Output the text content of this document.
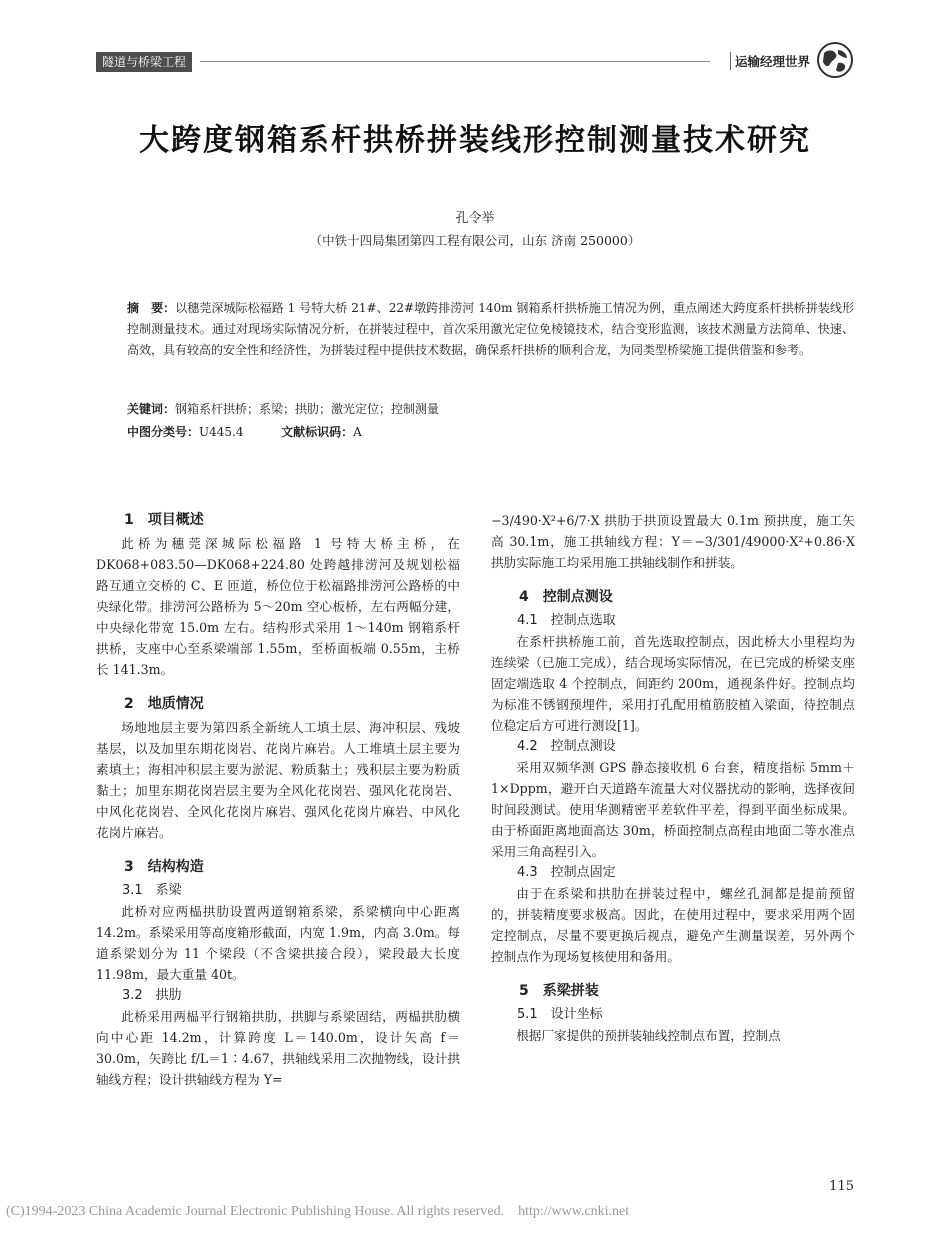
隧道与桥梁工程	运输经理世界
大跨度钢箱系杆拱桥拼装线形控制测量技术研究
孔令举
（中铁十四局集团第四工程有限公司，山东 济南 250000）
摘　要：以穗莞深城际松福路 1 号特大桥 21#、22#墩跨排涝河 140m 钢箱系杆拱桥施工情况为例，重点阐述大跨度系杆拱桥拼装线形控制测量技术。通过对现场实际情况分析，在拼装过程中，首次采用激光定位免棱镜技术，结合变形监测，该技术测量方法简单、快速、高效，具有较高的安全性和经济性，为拼装过程中提供技术数据，确保系杆拱桥的顺利合龙，为同类型桥梁施工提供借鉴和参考。
关键词：钢箱系杆拱桥；系梁；拱肋；激光定位；控制测量
中图分类号：U445.4	文献标识码：A
1　项目概述

此桥为穗莞深城际松福路 1 号特大桥主桥，在 DK068+083.50—DK068+224.80 处跨越排涝河及规划松福路互通立交桥的 C、E 匝道，桥位位于松福路排涝河公路桥的中央绿化带。排涝河公路桥为 5～20m 空心板桥，左右两幅分建，中央绿化带宽 15.0m 左右。结构形式采用 1～140m 钢箱系杆拱桥，支座中心至系梁端部 1.55m，至桥面板端 0.55m，主桥长 141.3m。

2　地质情况

场地地层主要为第四系全新统人工填土层、海冲积层、残坡基层，以及加里东期花岗岩、花岗片麻岩。人工堆填土层主要为素填土；海相冲积层主要为淤泥、粉质黏土；残积层主要为粉质黏土；加里东期花岗岩层主要为全风化花岗岩、强风化花岗岩、中风化花岗岩、全风化花岗片麻岩、强风化花岗片麻岩、中风化花岗片麻岩。

3　结构构造
3.1　系梁

此桥对应两榀拱肋设置两道钢箱系梁，系梁横向中心距离 14.2m。系梁采用等高度箱形截面，内宽 1.9m，内高 3.0m。每道系梁划分为 11 个梁段（不含梁拱接合段），梁段最大长度 11.98m，最大重量 40t。

3.2　拱肋

此桥采用两榀平行钢箱拱肋，拱脚与系梁固结，两榀拱肋横向中心距 14.2m，计算跨度 L＝140.0m，设计矢高 f＝30.0m，矢跨比 f/L＝1∶4.67，拱轴线采用二次抛物线，设计拱轴线方程；设计拱轴线方程为 Y=

−3/490·X²+6/7·X 拱肋于拱顶设置最大 0.1m 预拱度，施工矢高 30.1m，施工拱轴线方程：Y＝−3/301/49000·X²+0.86·X 拱肋实际施工均采用施工拱轴线制作和拼装。

4　控制点测设
4.1　控制点选取

在系杆拱桥施工前，首先选取控制点，因此桥大小里程均为连续梁（已施工完成），结合现场实际情况，在已完成的桥梁支座固定端选取 4 个控制点，间距约 200m，通视条件好。控制点均为标准不锈钢预埋件，采用打孔配用植筋胶植入梁面，待控制点位稳定后方可进行测设[1]。

4.2　控制点测设

采用双频华测 GPS 静态接收机 6 台套，精度指标 5mm＋1×Dppm，避开白天道路车流量大对仪器扰动的影响，选择夜间时间段测试。使用华测精密平差软件平差，得到平面坐标成果。由于桥面距离地面高达 30m，桥面控制点高程由地面二等水准点采用三角高程引入。

4.3　控制点固定

由于在系梁和拱肋在拼装过程中，螺丝孔洞都是提前预留的，拼装精度要求极高。因此，在使用过程中，要求采用两个固定控制点，尽量不要更换后视点，避免产生测量误差，另外两个控制点作为现场复核使用和备用。

5　系梁拼装
5.1　设计坐标

根据厂家提供的预拼装轴线控制点布置，控制点

115
(C)1994-2023 China Academic Journal Electronic Publishing House. All rights reserved.　http://www.cnki.net
